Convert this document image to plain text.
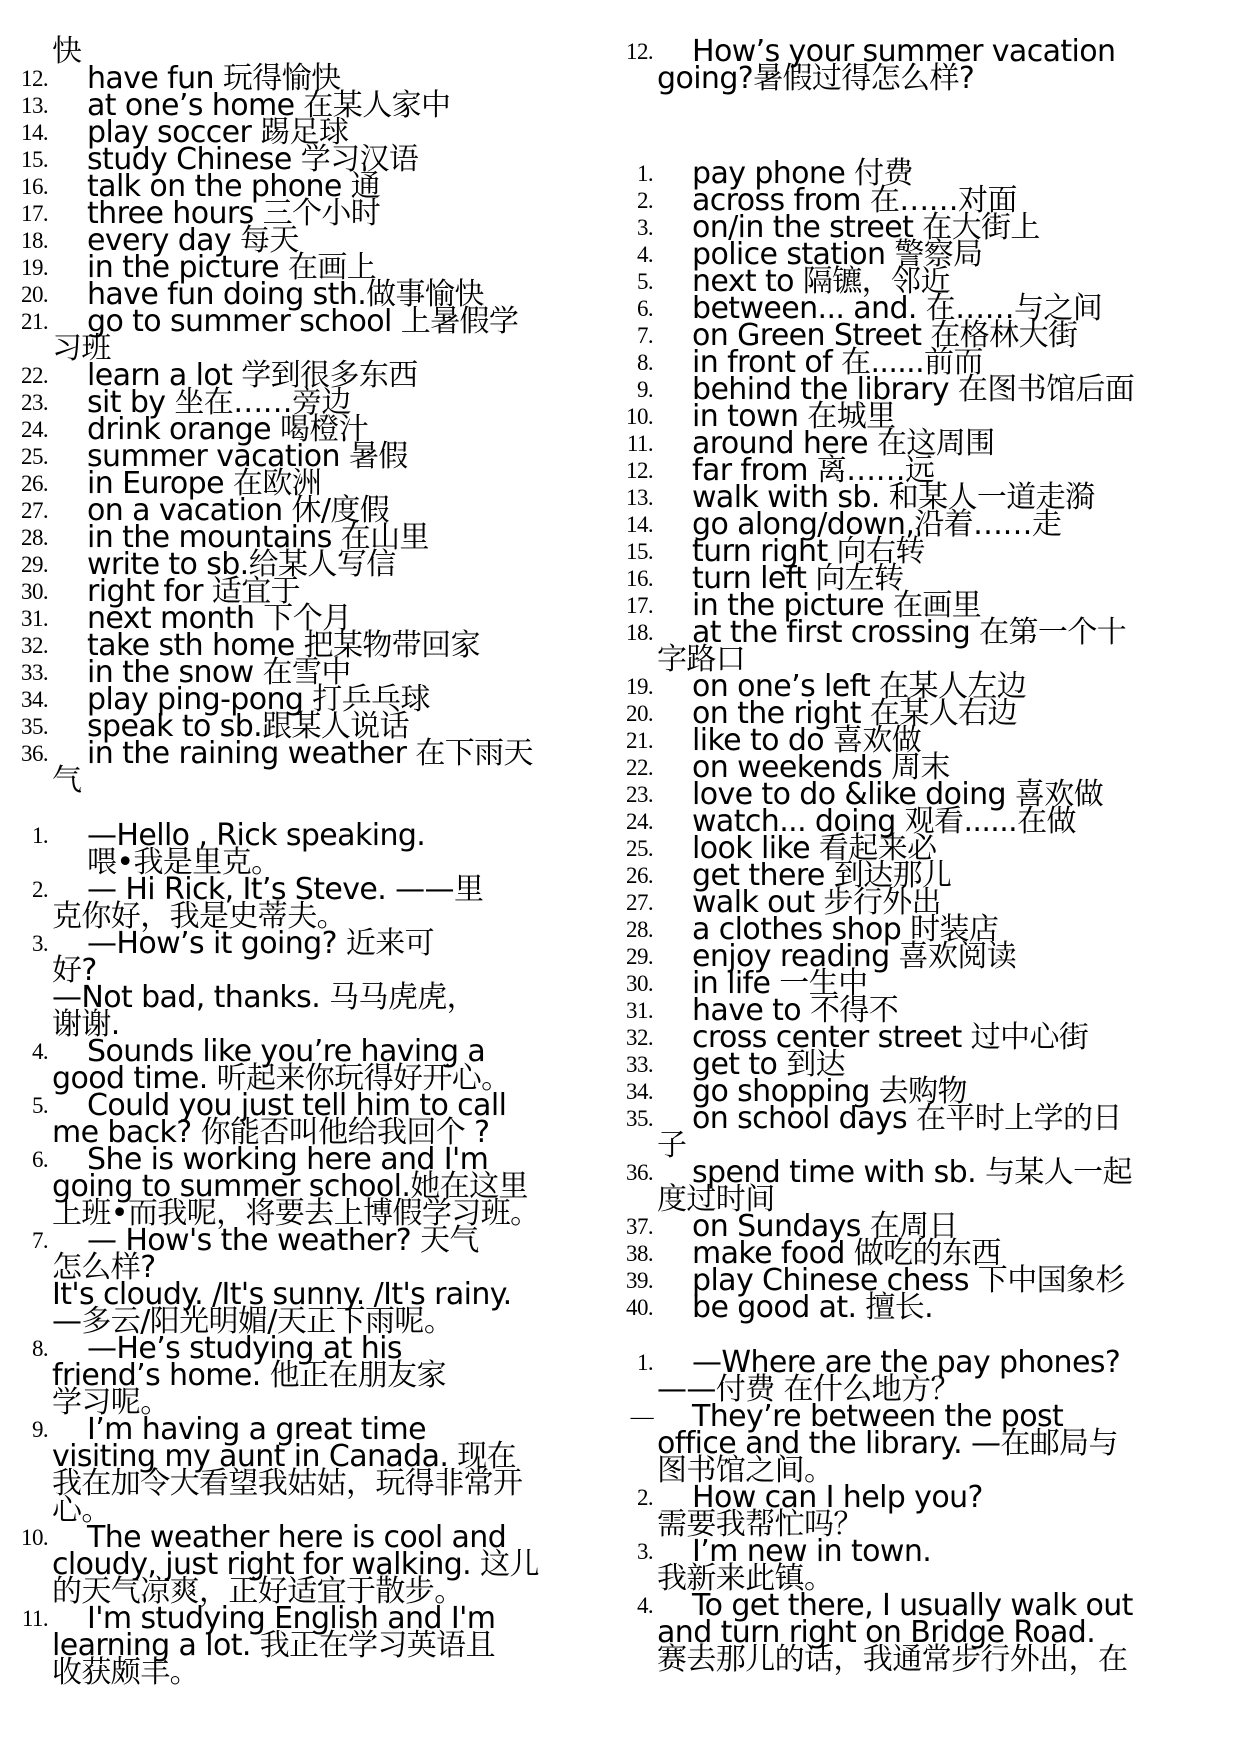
快
12.	have fun 玩得愉快
13.	at one’s home 在某人家中
14.	play soccer 踢足球
15.	study Chinese 学习汉语
16.	talk on the phone 通
17.	three hours 三个小时
18.	every day 每天
19.	in the picture 在画上
20.	have fun doing sth.做事愉快
21.	go to summer school 上暑假学
习班
22.	learn a lot 学到很多东西
23.	sit by 坐在……旁边
24.	drink orange 喝橙汁
25.	summer vacation 暑假
26.	in Europe 在欧洲
27.	on a vacation 休/度假
28.	in the mountains 在山里
29.	write to sb.给某人写信
30.	right for 适宜于
31.	next month 下个月
32.	take sth home 把某物带回家
33.	in the snow 在雪中
34.	play ping-pong 打乒乓球
35.	speak to sb.跟某人说话
36.	in the raining weather 在下雨天
气
1.	—Hello , Rick speaking.
喂•我是里克。
2.	— Hi Rick, It’s Steve. ——里
克你好，我是史蒂夫。
3.	—How’s it going? 近来可
好?
—Not bad, thanks. 马马虎虎，
谢谢.
4.	Sounds like you’re having a
good time. 听起来你玩得好开心。
5.	Could you just tell him to call
me back? 你能否叫他给我回个 ?
6.	She is working here and I'm
going to summer school.她在这里
上班•而我呢，将要去上博假学习班。
7.	— How's the weather? 天气
怎么样?
It's cloudy. /It's sunny. /It's rainy.
—多云/阳光明媚/天正下雨呢。
8.	—He’s studying at his
friend’s home. 他正在朋友家
学习呢。
9.	I’m having a great time
visiting my aunt in Canada. 现在
我在加令大看望我姑姑，玩得非常开
心。
10.	The weather here is cool and
cloudy, just right for walking. 这儿
的天气凉爽，正好适宜于散步。
11.	I'm studying English and I'm
learning a lot. 我正在学习英语且
收获颇丰。
12.	How’s your summer vacation
going?暑假过得怎么样?
1.	pay phone 付费
2.	across from 在……对面
3.	on/in the street 在大街上
4.	police station 警察局
5.	next to 隔镳，邻近
6.	between... and. 在……与之间
7.	on Green Street 在格林大街
8.	in front of 在......前而
9.	behind the library 在图书馆后面
10.	in town 在城里
11.	around here 在这周围
12.	far from 离……远
13.	walk with sb. 和某人一道走漪
14.	go along/down,沿着……走
15.	turn right 向右转
16.	turn left 向左转
17.	in the picture 在画里
18.	at the first crossing 在第一个十
字路口
19.	on one’s left 在某人左边
20.	on the right 在某人右边
21.	like to do 喜欢做
22.	on weekends 周末
23.	love to do &like doing 喜欢做
24.	watch... doing 观看......在做
25.	look like 看起来必
26.	get there 到达那儿
27.	walk out 步行外出
28.	a clothes shop 时装店
29.	enjoy reading 喜欢阅读
30.	in life 一生中
31.	have to 不得不
32.	cross center street 过中心街
33.	get to 到达
34.	go shopping 去购物
35.	on school days 在平时上学的日
子
36.	spend time with sb. 与某人一起
度过时间
37.	on Sundays 在周日
38.	make food 做吃的东西
39.	play Chinese chess 下中国象杉
40.	be good at. 擅长.
1.	—Where are the pay phones?
——付费 在什么地方？
—	They’re between the post
office and the library. —在邮局与
图书馆之间。
2.	How can I help you?
需要我帮忙吗？
3.	I’m new in town.
我新来此镇。
4.	To get there, I usually walk out
and turn right on Bridge Road.
赛去那儿的话，我通常步行外出，在
